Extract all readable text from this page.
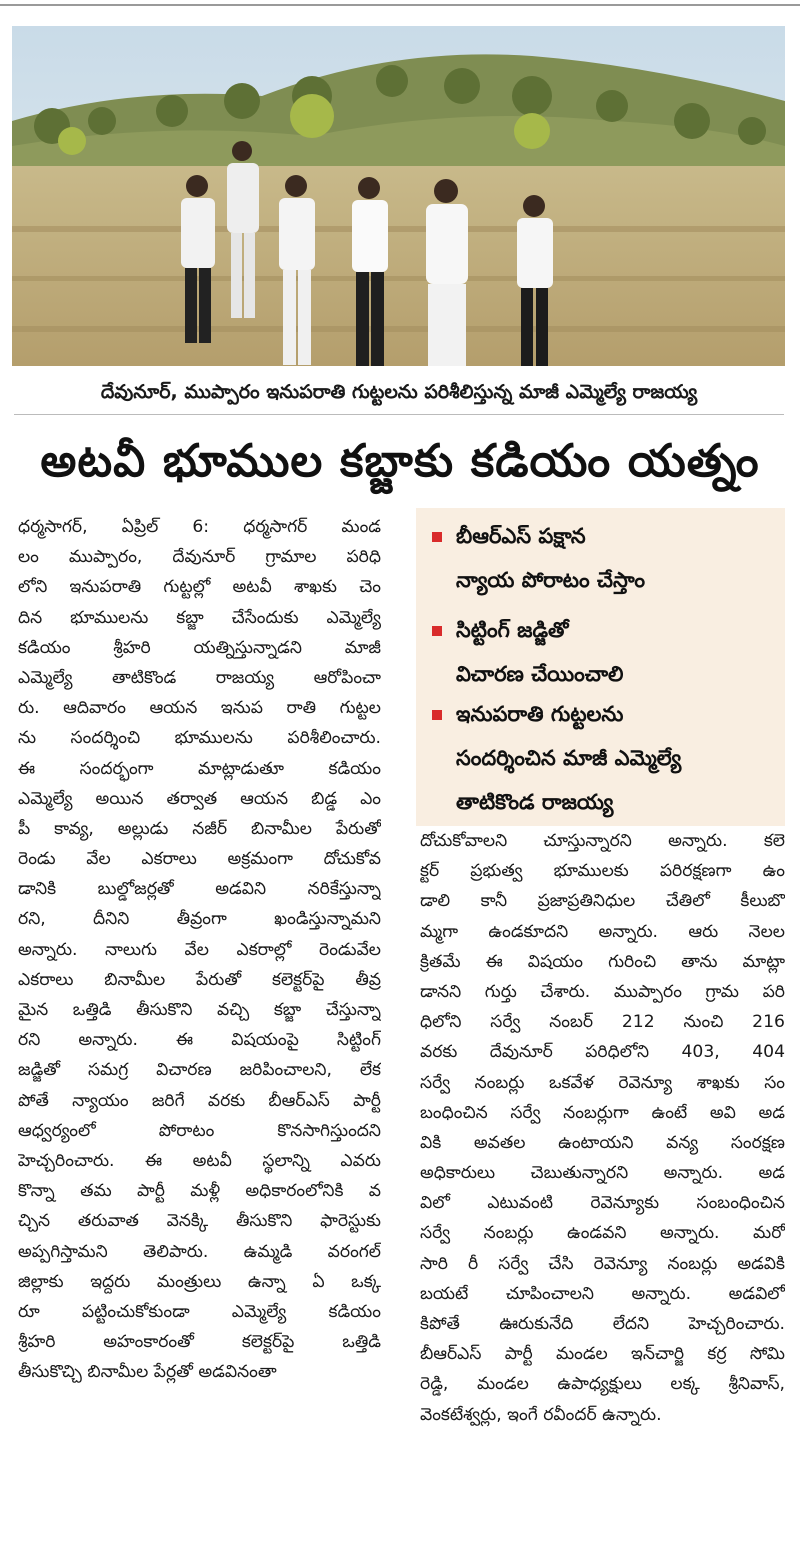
దేవునూర్, ముప్పారం ఇనుపరాతి గుట్టలను పరిశీలిస్తున్న మాజీ ఎమ్మెల్యే రాజయ్య
అటవీ భూముల కబ్జాకు కడియం యత్నం
ధర్మసాగర్, ఏప్రిల్ 6: ధర్మసాగర్ మండ
లం ముప్పారం, దేవునూర్ గ్రామాల పరిధి
లోని ఇనుపరాతి గుట్టల్లో అటవీ శాఖకు చెం
దిన భూములను కబ్జా చేసేందుకు ఎమ్మెల్యే
కడియం శ్రీహరి యత్నిస్తున్నాడని మాజీ
ఎమ్మెల్యే తాటికొండ రాజయ్య ఆరోపించా
రు. ఆదివారం ఆయన ఇనుప రాతి గుట్టల
ను సందర్శించి భూములను పరిశీలించారు.
ఈ సందర్భంగా మాట్లాడుతూ కడియం
ఎమ్మెల్యే అయిన తర్వాత ఆయన బిడ్డ ఎం
పీ కావ్య, అల్లుడు నజీర్ బినామీల పేరుతో
రెండు వేల ఎకరాలు అక్రమంగా దోచుకోవ
డానికి బుల్డోజర్లతో అడవిని నరికేస్తున్నా
రని, దీనిని తీవ్రంగా ఖండిస్తున్నామని
అన్నారు. నాలుగు వేల ఎకరాల్లో రెండువేల
ఎకరాలు బినామీల పేరుతో కలెక్టర్‌పై తీవ్ర
మైన ఒత్తిడి తీసుకొని వచ్చి కబ్జా చేస్తున్నా
రని అన్నారు. ఈ విషయంపై సిట్టింగ్
జడ్జితో సమగ్ర విచారణ జరిపించాలని, లేక
పోతే న్యాయం జరిగే వరకు బీఆర్ఎస్ పార్టీ
ఆధ్వర్యంలో పోరాటం కొనసాగిస్తుందని
హెచ్చరించారు. ఈ అటవీ స్థలాన్ని ఎవరు
కొన్నా తమ పార్టీ మళ్లీ అధికారంలోనికి వ
చ్చిన తరువాత వెనక్కి తీసుకొని ఫారెస్టుకు
అప్పగిస్తామని తెలిపారు. ఉమ్మడి వరంగల్
జిల్లాకు ఇద్దరు మంత్రులు ఉన్నా ఏ ఒక్క
రూ పట్టించుకోకుండా ఎమ్మెల్యే కడియం
శ్రీహరి అహంకారంతో కలెక్టర్‌పై ఒత్తిడి
తీసుకొచ్చి బినామీల పేర్లతో అడవినంతా
బీఆర్ఎస్ పక్షాన
న్యాయ పోరాటం చేస్తాం
సిట్టింగ్ జడ్జితో
విచారణ చేయించాలి
ఇనుపరాతి గుట్టలను
సందర్శించిన మాజీ ఎమ్మెల్యే
తాటికొండ రాజయ్య
దోచుకోవాలని చూస్తున్నారని అన్నారు. కలె
క్టర్ ప్రభుత్వ భూములకు పరిరక్షణగా ఉం
డాలి కానీ ప్రజాప్రతినిధుల చేతిలో కీలుబొ
మ్మగా ఉండకూదని అన్నారు. ఆరు నెలల
క్రితమే ఈ విషయం గురించి తాను మాట్లా
డానని గుర్తు చేశారు. ముప్పారం గ్రామ పరి
ధిలోని సర్వే నంబర్ 212 నుంచి 216
వరకు దేవునూర్ పరిధిలోని 403, 404
సర్వే నంబర్లు ఒకవేళ రెవెన్యూ శాఖకు సం
బంధించిన సర్వే నంబర్లుగా ఉంటే అవి అడ
వికి అవతల ఉంటాయని వన్య సంరక్షణ
అధికారులు చెబుతున్నారని అన్నారు. అడ
విలో ఎటువంటి రెవెన్యూకు సంబంధించిన
సర్వే నంబర్లు ఉండవని అన్నారు. మరో
సారి రీ సర్వే చేసి రెవెన్యూ నంబర్లు అడవికి
బయటే చూపించాలని అన్నారు. అడవిలో
కిపోతే ఊరుకునేది లేదని హెచ్చరించారు.
బీఆర్ఎస్ పార్టీ మండల ఇన్‌చార్జి కర్ర సోమి
రెడ్డి, మండల ఉపాధ్యక్షులు లక్క శ్రీనివాస్,
వెంకటేశ్వర్లు, ఇంగే రవీందర్ ఉన్నారు.
